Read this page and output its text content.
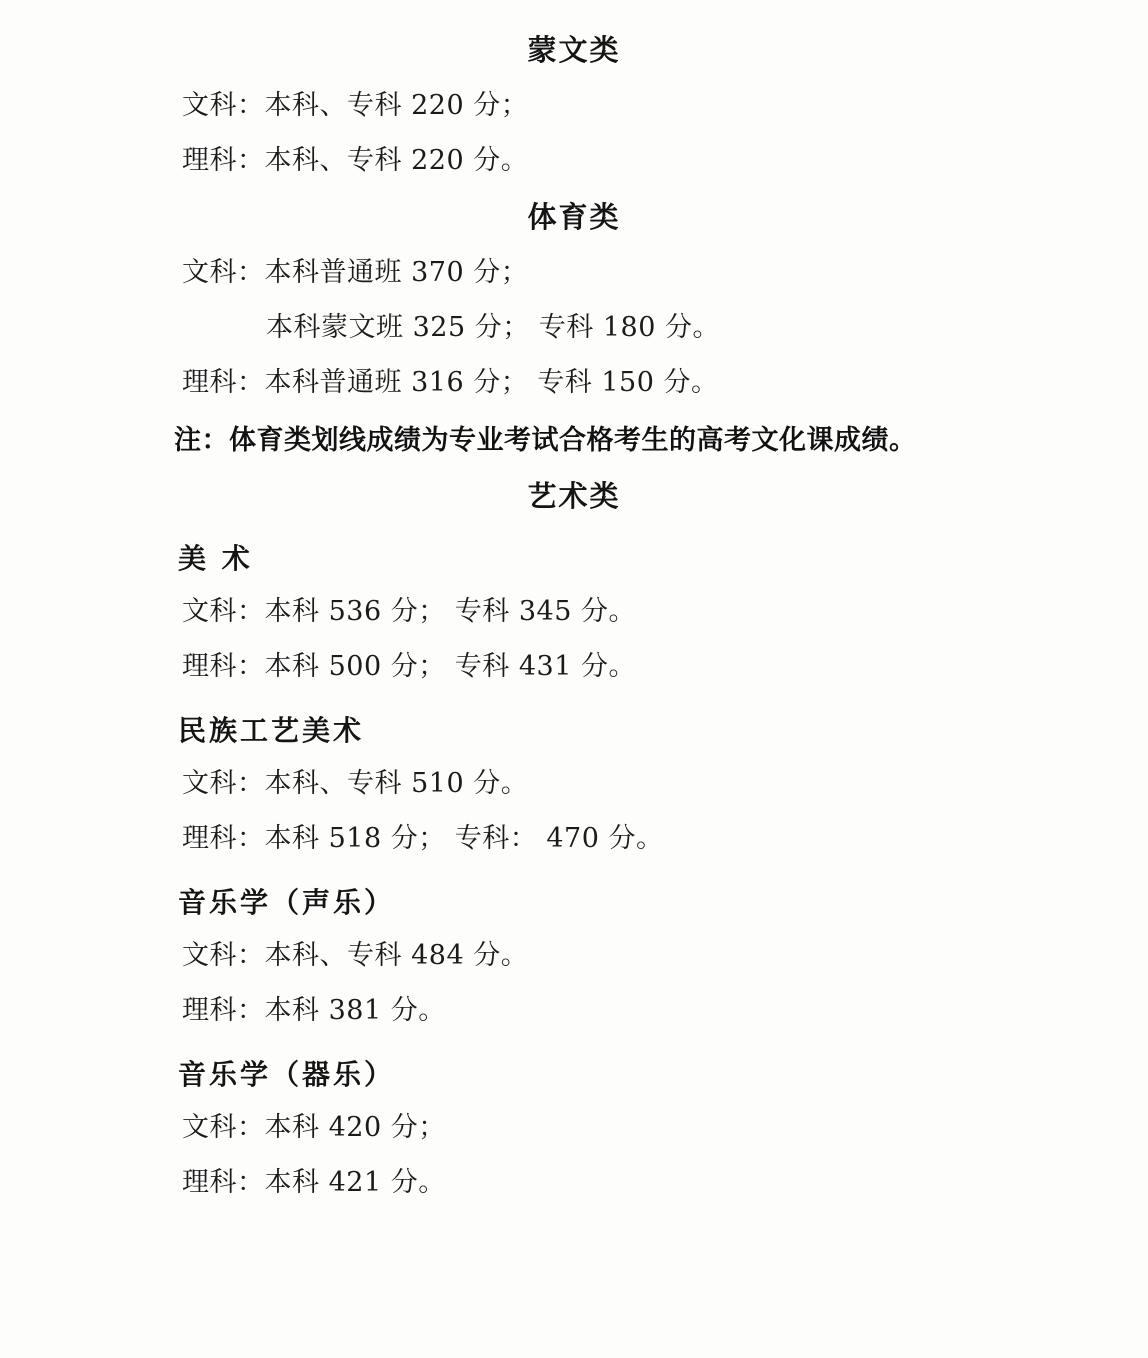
蒙文类
文科：本科、专科 220 分；
理科：本科、专科 220 分。
体育类
文科：本科普通班 370 分；
本科蒙文班 325 分； 专科 180 分。
理科：本科普通班 316 分； 专科 150 分。
注：体育类划线成绩为专业考试合格考生的高考文化课成绩。
艺术类
美 术
文科：本科 536 分； 专科 345 分。
理科：本科 500 分； 专科 431 分。
民族工艺美术
文科：本科、专科 510 分。
理科：本科 518 分； 专科： 470 分。
音乐学（声乐）
文科：本科、专科 484 分。
理科：本科 381 分。
音乐学（器乐）
文科：本科 420 分；
理科：本科 421 分。
